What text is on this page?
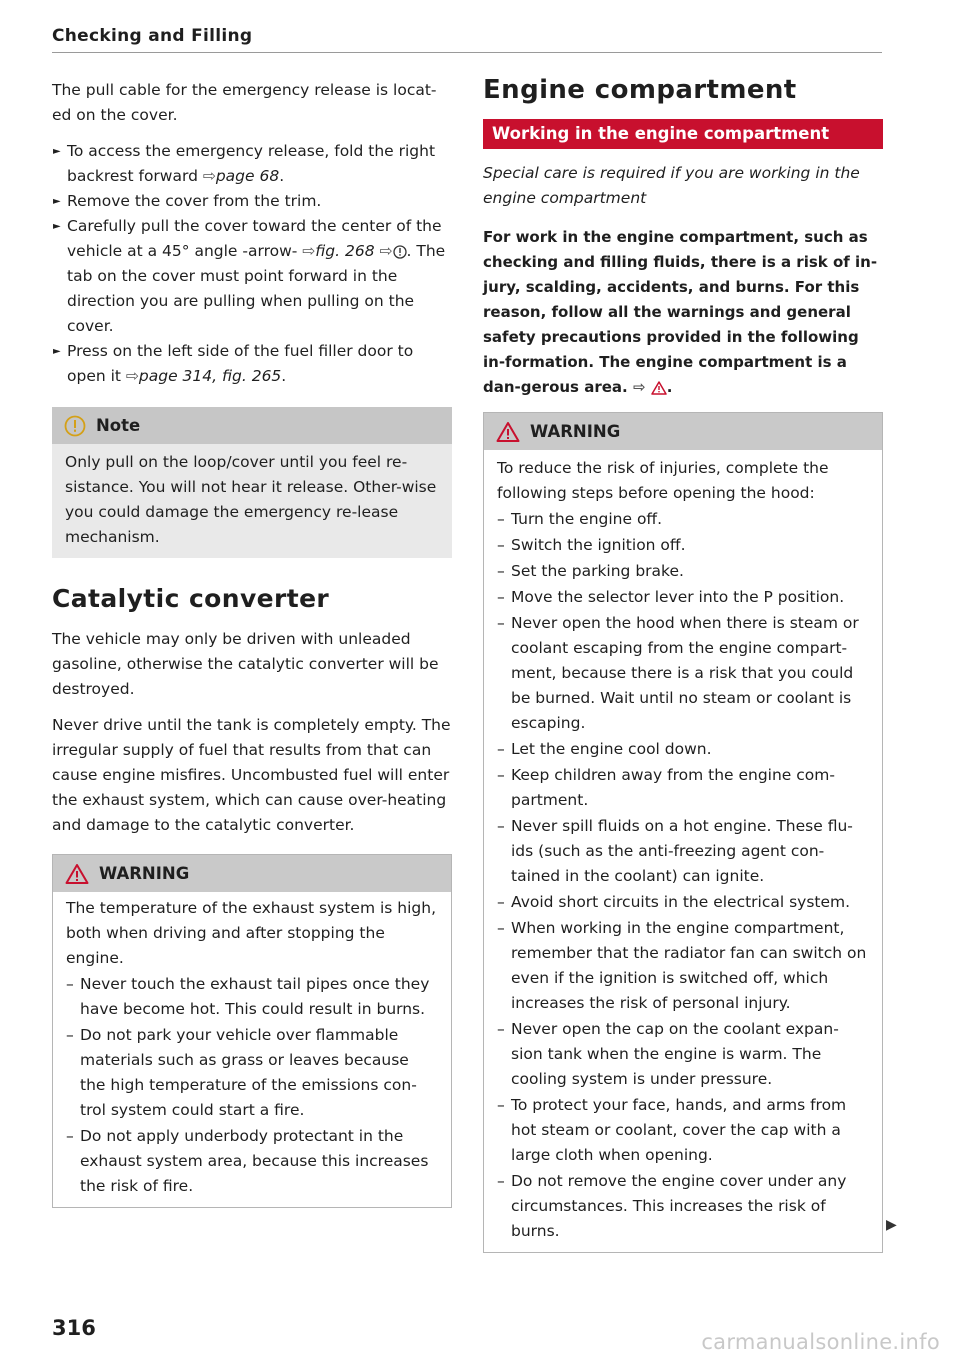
Checking and Filling

The pull cable for the emergency release is locat-ed on the cover.

► To access the emergency release, fold the right backrest forward ⇨page 68.
► Remove the cover from the trim.
► Carefully pull the cover toward the center of the vehicle at a 45° angle -arrow- ⇨fig. 268 ⇨ . The tab on the cover must point forward in the direction you are pulling when pulling on the cover.
► Press on the left side of the fuel filler door to open it ⇨page 314, fig. 265.
Note

Only pull on the loop/cover until you feel re-sistance. You will not hear it release. Other-wise you could damage the emergency re-lease mechanism.

Catalytic converter

The vehicle may only be driven with unleaded gasoline, otherwise the catalytic converter will be destroyed.

Never drive until the tank is completely empty. The irregular supply of fuel that results from that can cause engine misfires. Uncombusted fuel will enter the exhaust system, which can cause over-heating and damage to the catalytic converter.

WARNING

The temperature of the exhaust system is high, both when driving and after stopping the engine.

– Never touch the exhaust tail pipes once they have become hot. This could result in burns.
– Do not park your vehicle over flammable materials such as grass or leaves because the high temperature of the emissions con-trol system could start a fire.
– Do not apply underbody protectant in the exhaust system area, because this increases the risk of fire.
Engine compartment
Working in the engine compartment

Special care is required if you are working in the engine compartment

For work in the engine compartment, such as checking and filling fluids, there is a risk of in-jury, scalding, accidents, and burns. For this reason, follow all the warnings and general safety precautions provided in the following in-formation. The engine compartment is a dan-gerous area. ⇨ .

WARNING

To reduce the risk of injuries, complete the following steps before opening the hood:

– Turn the engine off.
– Switch the ignition off.
– Set the parking brake.
– Move the selector lever into the P position.
– Never open the hood when there is steam or coolant escaping from the engine compart-ment, because there is a risk that you could be burned. Wait until no steam or coolant is escaping.
– Let the engine cool down.
– Keep children away from the engine com-partment.
– Never spill fluids on a hot engine. These flu-ids (such as the anti-freezing agent con-tained in the coolant) can ignite.
– Avoid short circuits in the electrical system.
– When working in the engine compartment, remember that the radiator fan can switch on even if the ignition is switched off, which increases the risk of personal injury.
– Never open the cap on the coolant expan-sion tank when the engine is warm. The cooling system is under pressure.
– To protect your face, hands, and arms from hot steam or coolant, cover the cap with a large cloth when opening.
– Do not remove the engine cover under any circumstances. This increases the risk of burns.	▶
316
carmanualsonline.info
